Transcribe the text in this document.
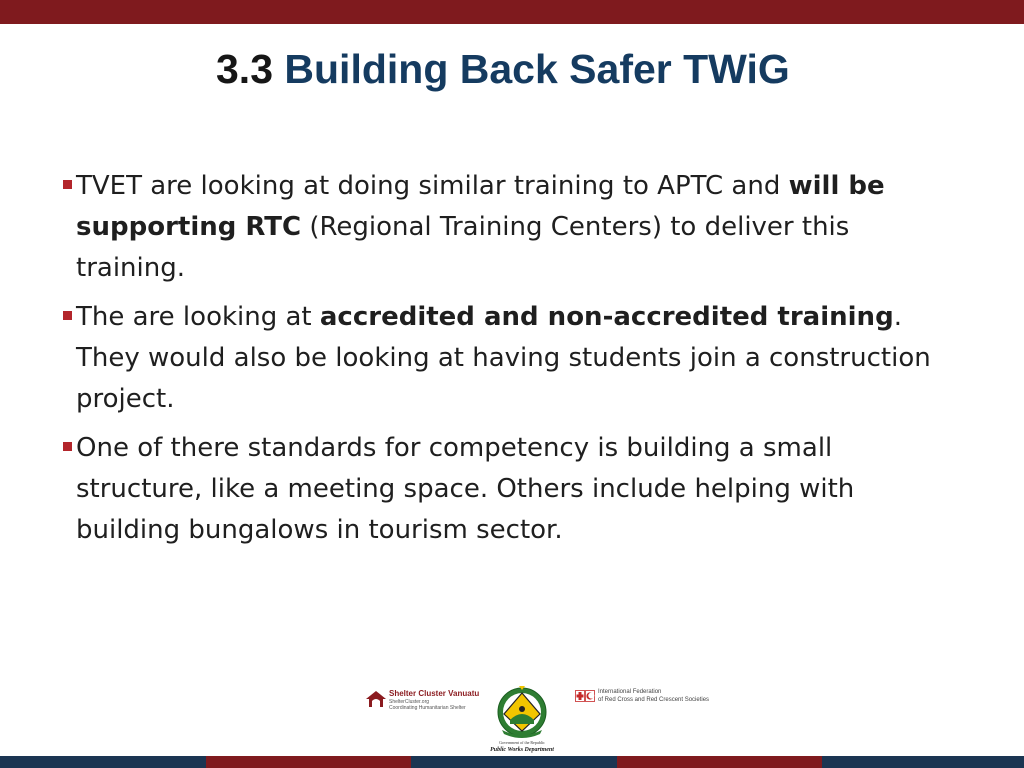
3.3 Building Back Safer TWiG
TVET are looking at doing similar training to APTC and will be supporting RTC (Regional Training Centers) to deliver this training.
The are looking at accredited and non-accredited training. They would also be looking at having students join a construction project.
One of there standards for competency is building a small structure, like a meeting space. Others include helping with building bungalows in tourism sector.
Shelter Cluster Vanuatu
ShelterCluster.org
Coordinating Humanitarian Shelter
Government of the Republic
Public Works Department
International Federation
of Red Cross and Red Crescent Societies
